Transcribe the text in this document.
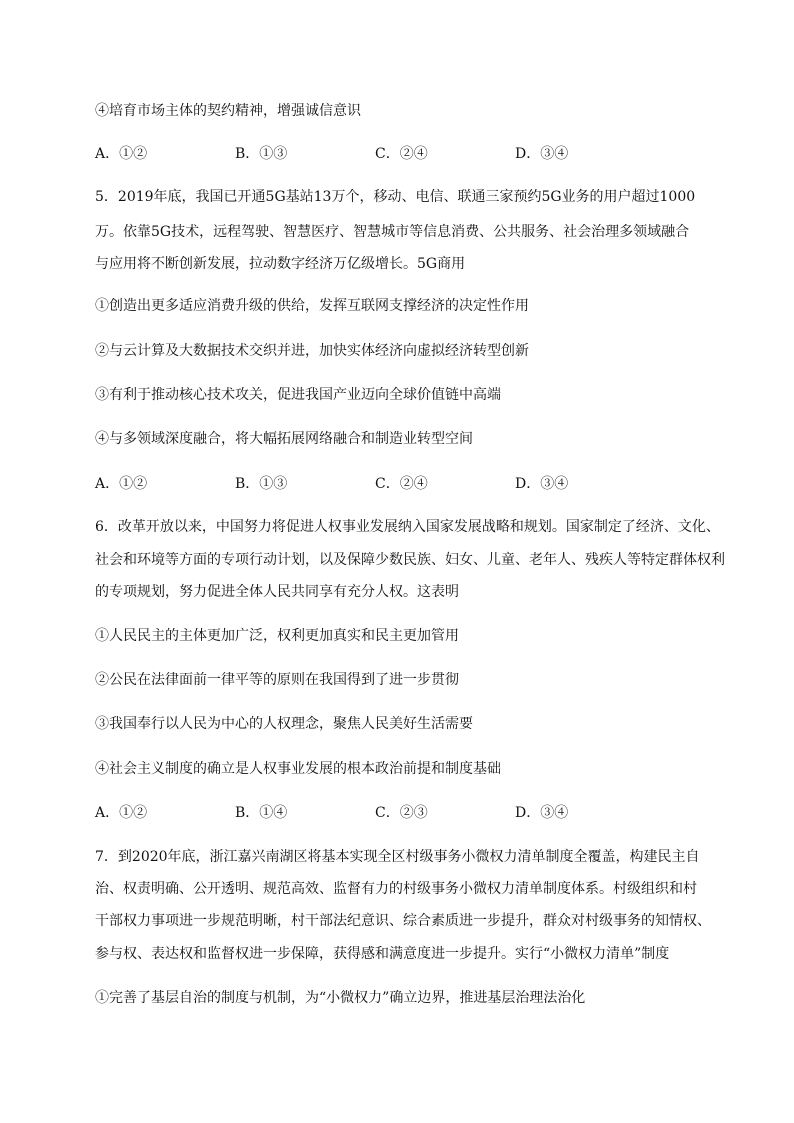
④培育市场主体的契约精神，增强诚信意识
A．①②	B．①③	C．②④	D．③④
5．2019年底，我国已开通5G基站13万个，移动、电信、联通三家预约5G业务的用户超过1000
万。依靠5G技术，远程驾驶、智慧医疗、智慧城市等信息消费、公共服务、社会治理多领域融合
与应用将不断创新发展，拉动数字经济万亿级增长。5G商用
①创造出更多适应消费升级的供给，发挥互联网支撑经济的决定性作用
②与云计算及大数据技术交织并进，加快实体经济向虚拟经济转型创新
③有利于推动核心技术攻关，促进我国产业迈向全球价值链中高端
④与多领域深度融合，将大幅拓展网络融合和制造业转型空间
A．①②	B．①③	C．②④	D．③④
6．改革开放以来，中国努力将促进人权事业发展纳入国家发展战略和规划。国家制定了经济、文化、
社会和环境等方面的专项行动计划，以及保障少数民族、妇女、儿童、老年人、残疾人等特定群体权利
的专项规划，努力促进全体人民共同享有充分人权。这表明
①人民民主的主体更加广泛，权利更加真实和民主更加管用
②公民在法律面前一律平等的原则在我国得到了进一步贯彻
③我国奉行以人民为中心的人权理念，聚焦人民美好生活需要
④社会主义制度的确立是人权事业发展的根本政治前提和制度基础
A．①②	B．①④	C．②③	D．③④
7．到2020年底，浙江嘉兴南湖区将基本实现全区村级事务小微权力清单制度全覆盖，构建民主自
治、权责明确、公开透明、规范高效、监督有力的村级事务小微权力清单制度体系。村级组织和村
干部权力事项进一步规范明晰，村干部法纪意识、综合素质进一步提升，群众对村级事务的知情权、
参与权、表达权和监督权进一步保障，获得感和满意度进一步提升。实行“小微权力清单”制度
①完善了基层自治的制度与机制，为“小微权力”确立边界，推进基层治理法治化
